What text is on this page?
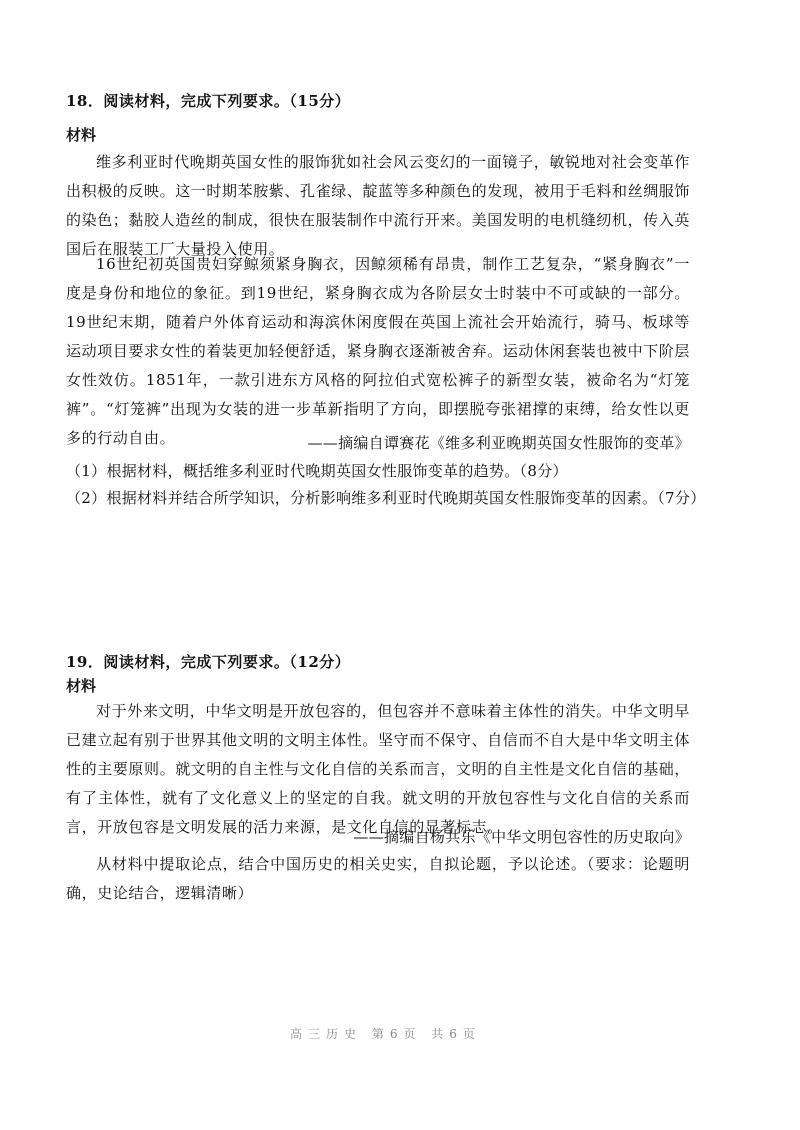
18．阅读材料，完成下列要求。（15分）
材料
维多利亚时代晚期英国女性的服饰犹如社会风云变幻的一面镜子，敏锐地对社会变革作出积极的反映。这一时期苯胺紫、孔雀绿、靛蓝等多种颜色的发现，被用于毛料和丝绸服饰的染色；黏胶人造丝的制成，很快在服装制作中流行开来。美国发明的电机缝纫机，传入英国后在服装工厂大量投入使用。
16世纪初英国贵妇穿鲸须紧身胸衣，因鲸须稀有昂贵，制作工艺复杂，“紧身胸衣”一度是身份和地位的象征。到19世纪，紧身胸衣成为各阶层女士时装中不可或缺的一部分。19世纪末期，随着户外体育运动和海滨休闲度假在英国上流社会开始流行，骑马、板球等运动项目要求女性的着装更加轻便舒适，紧身胸衣逐渐被舍弃。运动休闲套装也被中下阶层女性效仿。1851年，一款引进东方风格的阿拉伯式宽松裤子的新型女装，被命名为“灯笼裤”。“灯笼裤”出现为女装的进一步革新指明了方向，即摆脱夸张裙撑的束缚，给女性以更多的行动自由。	——摘编自谭赛花《维多利亚晚期英国女性服饰的变革》
（1）根据材料，概括维多利亚时代晚期英国女性服饰变革的趋势。（8分）
（2）根据材料并结合所学知识，分析影响维多利亚时代晚期英国女性服饰变革的因素。（7分）
19．阅读材料，完成下列要求。（12分）
材料
对于外来文明，中华文明是开放包容的，但包容并不意味着主体性的消失。中华文明早已建立起有别于世界其他文明的文明主体性。坚守而不保守、自信而不自大是中华文明主体性的主要原则。就文明的自主性与文化自信的关系而言，文明的自主性是文化自信的基础，有了主体性，就有了文化意义上的坚定的自我。就文明的开放包容性与文化自信的关系而言，开放包容是文明发展的活力来源，是文化自信的显著标志。
——摘编自杨共乐《中华文明包容性的历史取向》
从材料中提取论点，结合中国历史的相关史实，自拟论题，予以论述。（要求：论题明确，史论结合，逻辑清晰）
高三历史 第6页 共6页
